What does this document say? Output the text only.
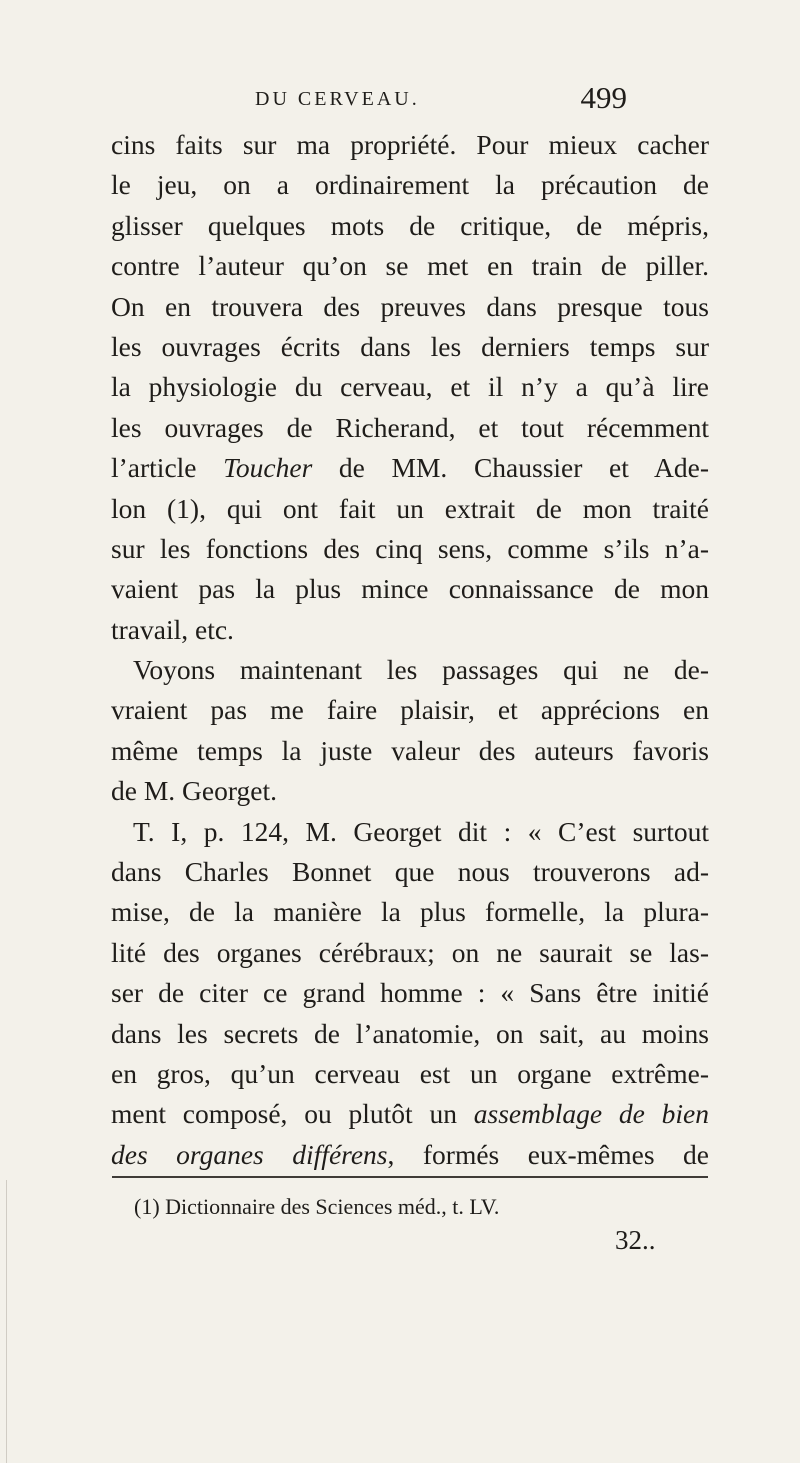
DU CERVEAU.	499
cins faits sur ma propriété. Pour mieux cacher
le jeu, on a ordinairement la précaution de
glisser quelques mots de critique, de mépris,
contre l’auteur qu’on se met en train de piller.
On en trouvera des preuves dans presque tous
les ouvrages écrits dans les derniers temps sur
la physiologie du cerveau, et il n’y a qu’à lire
les ouvrages de Richerand, et tout récemment
l’article Toucher de MM. Chaussier et Ade-
lon (1), qui ont fait un extrait de mon traité
sur les fonctions des cinq sens, comme s’ils n’a-
vaient pas la plus mince connaissance de mon
travail, etc.
Voyons maintenant les passages qui ne de-
vraient pas me faire plaisir, et apprécions en
même temps la juste valeur des auteurs favoris
de M. Georget.
T. I, p. 124, M. Georget dit : « C’est surtout
dans Charles Bonnet que nous trouverons ad-
mise, de la manière la plus formelle, la plura-
lité des organes cérébraux; on ne saurait se las-
ser de citer ce grand homme : « Sans être initié
dans les secrets de l’anatomie, on sait, au moins
en gros, qu’un cerveau est un organe extrême-
ment composé, ou plutôt un assemblage de bien
des organes différens, formés eux-mêmes de
(1) Dictionnaire des Sciences méd., t. LV.
32..
